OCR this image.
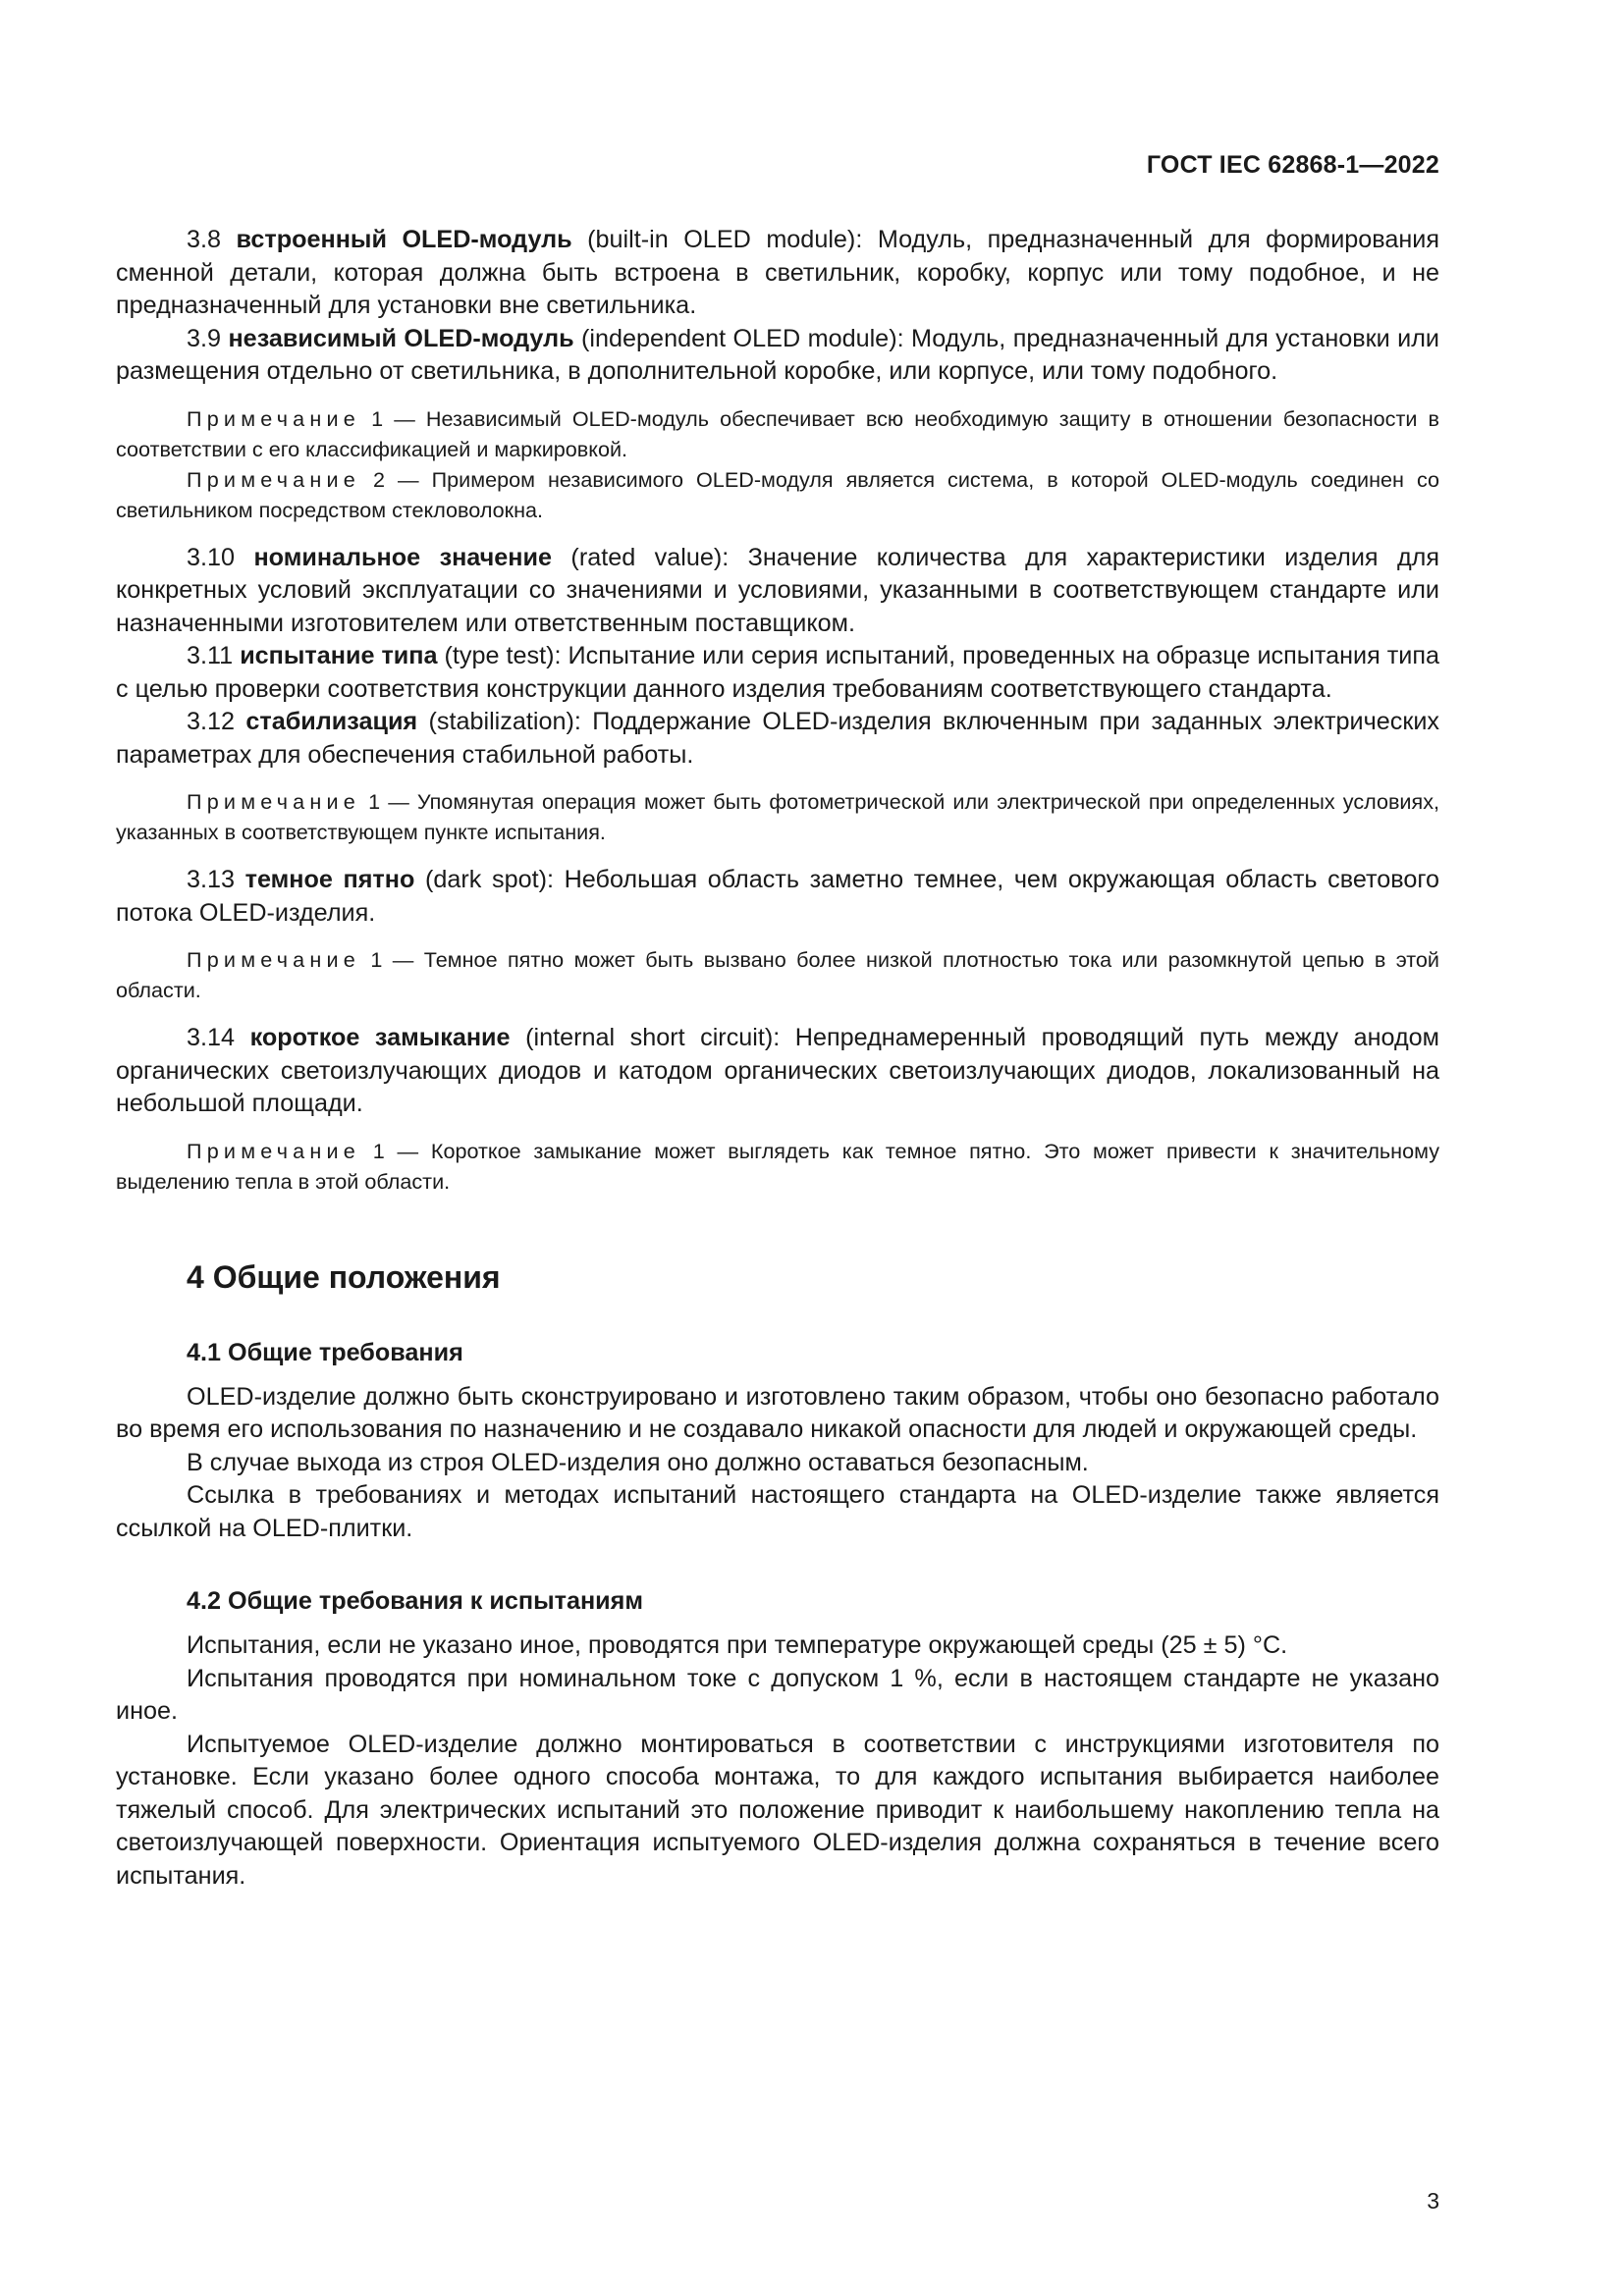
ГОСТ IEC 62868-1—2022

3.8 встроенный OLED-модуль (built-in OLED module): Модуль, предназначенный для формирования сменной детали, которая должна быть встроена в светильник, коробку, корпус или тому подобное, и не предназначенный для установки вне светильника.

3.9 независимый OLED-модуль (independent OLED module): Модуль, предназначенный для установки или размещения отдельно от светильника, в дополнительной коробке, или корпусе, или тому подобного.

Примечание 1 — Независимый OLED-модуль обеспечивает всю необходимую защиту в отношении безопасности в соответствии с его классификацией и маркировкой.

Примечание 2 — Примером независимого OLED-модуля является система, в которой OLED-модуль соединен со светильником посредством стекловолокна.

3.10 номинальное значение (rated value): Значение количества для характеристики изделия для конкретных условий эксплуатации со значениями и условиями, указанными в соответствующем стандарте или назначенными изготовителем или ответственным поставщиком.

3.11 испытание типа (type test): Испытание или серия испытаний, проведенных на образце испытания типа с целью проверки соответствия конструкции данного изделия требованиям соответствующего стандарта.

3.12 стабилизация (stabilization): Поддержание OLED-изделия включенным при заданных электрических параметрах для обеспечения стабильной работы.

Примечание 1 — Упомянутая операция может быть фотометрической или электрической при определенных условиях, указанных в соответствующем пункте испытания.

3.13 темное пятно (dark spot): Небольшая область заметно темнее, чем окружающая область светового потока OLED-изделия.

Примечание 1 — Темное пятно может быть вызвано более низкой плотностью тока или разомкнутой цепью в этой области.

3.14 короткое замыкание (internal short circuit): Непреднамеренный проводящий путь между анодом органических светоизлучающих диодов и катодом органических светоизлучающих диодов, локализованный на небольшой площади.

Примечание 1 — Короткое замыкание может выглядеть как темное пятно. Это может привести к значительному выделению тепла в этой области.

4 Общие положения
4.1 Общие требования

OLED-изделие должно быть сконструировано и изготовлено таким образом, чтобы оно безопасно работало во время его использования по назначению и не создавало никакой опасности для людей и окружающей среды.

В случае выхода из строя OLED-изделия оно должно оставаться безопасным.

Ссылка в требованиях и методах испытаний настоящего стандарта на OLED-изделие также является ссылкой на OLED-плитки.

4.2 Общие требования к испытаниям

Испытания, если не указано иное, проводятся при температуре окружающей среды (25 ± 5) °С.

Испытания проводятся при номинальном токе с допуском 1 %, если в настоящем стандарте не указано иное.

Испытуемое OLED-изделие должно монтироваться в соответствии с инструкциями изготовителя по установке. Если указано более одного способа монтажа, то для каждого испытания выбирается наиболее тяжелый способ. Для электрических испытаний это положение приводит к наибольшему накоплению тепла на светоизлучающей поверхности. Ориентация испытуемого OLED-изделия должна сохраняться в течение всего испытания.

3
